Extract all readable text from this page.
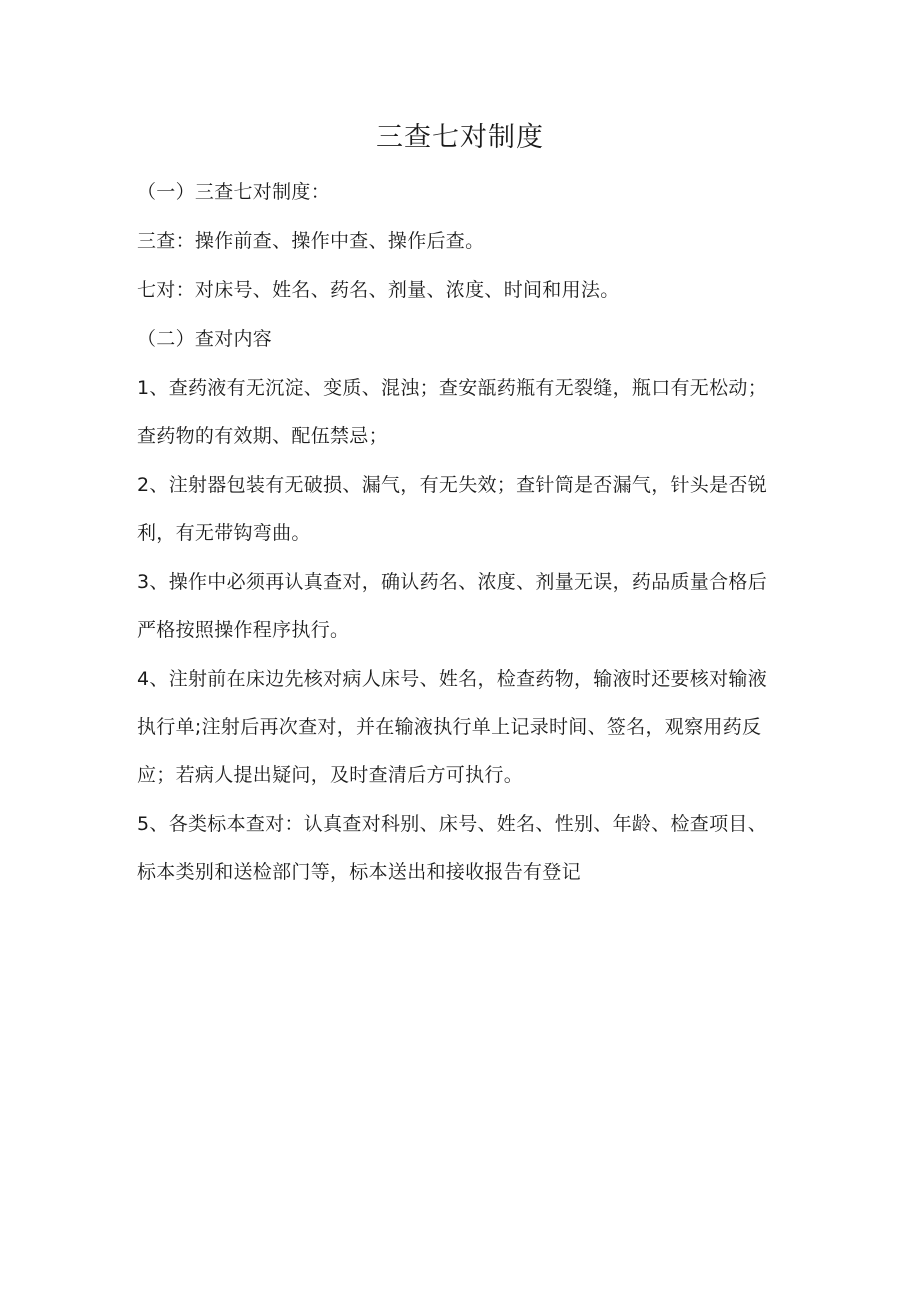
三查七对制度

（一）三查七对制度：

三查：操作前查、操作中查、操作后查。

七对：对床号、姓名、药名、剂量、浓度、时间和用法。

（二）查对内容

1、查药液有无沉淀、变质、混浊；查安瓿药瓶有无裂缝，瓶口有无松动；查药物的有效期、配伍禁忌；

2、注射器包装有无破损、漏气，有无失效；查针筒是否漏气，针头是否锐利，有无带钩弯曲。

3、操作中必须再认真查对，确认药名、浓度、剂量无误，药品质量合格后严格按照操作程序执行。

4、注射前在床边先核对病人床号、姓名，检查药物，输液时还要核对输液执行单;注射后再次查对，并在输液执行单上记录时间、签名，观察用药反应；若病人提出疑问，及时查清后方可执行。

5、各类标本查对：认真查对科别、床号、姓名、性别、年龄、检查项目、标本类别和送检部门等，标本送出和接收报告有登记
